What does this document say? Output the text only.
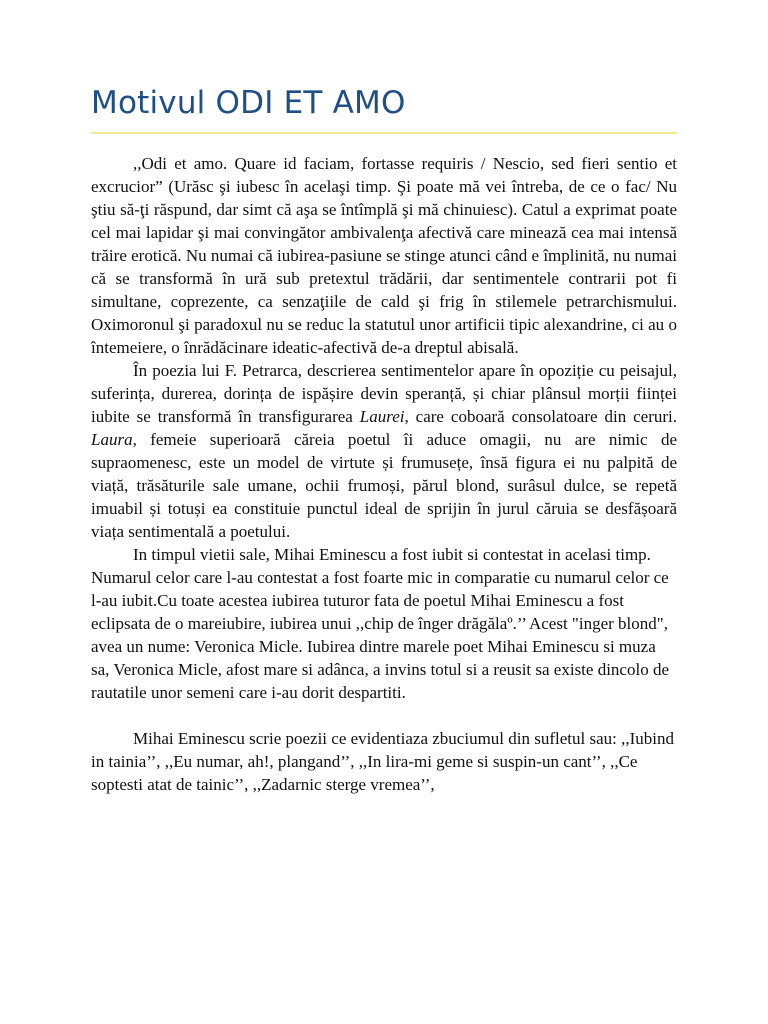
Motivul ODI ET AMO

,,Odi et amo. Quare id faciam, fortasse requiris / Nescio, sed fieri sentio et excrucior” (Urăsc şi iubesc în acelaşi timp. Şi poate mă vei întreba, de ce o fac/ Nu ştiu să-ţi răspund, dar simt că aşa se întîmplă şi mă chinuiesc). Catul a exprimat poate cel mai lapidar şi mai convingător ambivalenţa afectivă care minează cea mai intensă trăire erotică. Nu numai că iubirea-pasiune se stinge atunci când e împlinită, nu numai că se transformă în ură sub pretextul trădării, dar sentimentele contrarii pot fi simultane, coprezente, ca senzaţiile de cald şi frig în stilemele petrarchismului. Oximoronul şi paradoxul nu se reduc la statutul unor artificii tipic alexandrine, ci au o întemeiere, o înrădăcinare ideatic-afectivă de-a dreptul abisală.

În poezia lui F. Petrarca, descrierea sentimentelor apare în opoziție cu peisajul, suferința, durerea, dorința de ispășire devin speranță, și chiar plânsul morții ființei iubite se transformă în transfigurarea Laurei, care coboară consolatoare din ceruri. Laura, femeie superioară căreia poetul îi aduce omagii, nu are nimic de supraomenesc, este un model de virtute și frumusețe, însă figura ei nu palpită de viață, trăsăturile sale umane, ochii frumoși, părul blond, surâsul dulce, se repetă imuabil și totuși ea constituie punctul ideal de sprijin în jurul căruia se desfășoară viața sentimentală a poetului.

In timpul vietii sale, Mihai Eminescu a fost iubit si contestat in acelasi timp. Numarul celor care l-au contestat a fost foarte mic in comparatie cu numarul celor ce l-au iubit.Cu toate acestea iubirea tuturor fata de poetul Mihai Eminescu a fost eclipsata de o mareiubire, iubirea unui ,,chip de înger drăgălaº.’’ Acest "inger blond", avea un nume: Veronica Micle. Iubirea dintre marele poet Mihai Eminescu si muza sa, Veronica Micle, afost mare si adânca, a invins totul si a reusit sa existe dincolo de rautatile unor semeni care i-au dorit despartiti.

Mihai Eminescu scrie poezii ce evidentiaza zbuciumul din sufletul sau: ,,Iubind in tainia’’, ,,Eu numar, ah!, plangand’’, ,,In lira-mi geme si suspin-un cant’’, ,,Ce soptesti atat de tainic’’, ,,Zadarnic sterge vremea’’,
